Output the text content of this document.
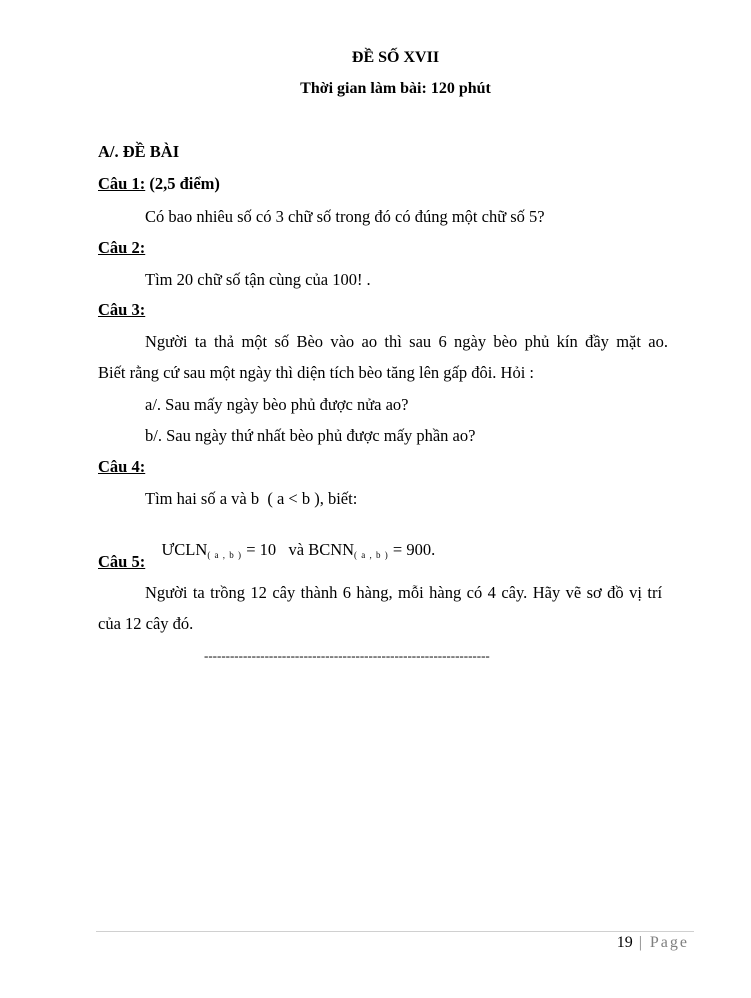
ĐỀ SỐ XVII
Thời gian làm bài: 120 phút
A/. ĐỀ BÀI
Câu 1: (2,5 điểm)
Có bao nhiêu số có 3 chữ số trong đó có đúng một chữ số 5?
Câu 2:
Tìm 20 chữ số tận cùng của 100! .
Câu 3:
Người ta thả một số Bèo vào ao thì sau 6 ngày bèo phủ kín đầy mặt ao.
Biết rằng cứ sau một ngày thì diện tích bèo tăng lên gấp đôi. Hỏi :
a/. Sau mấy ngày bèo phủ được nửa ao?
b/. Sau ngày thứ nhất bèo phủ được mấy phần ao?
Câu 4:
Tìm hai số a và b  ( a < b ), biết:

$ƯCLN_{( a , b )} = 10$   và $BCNN_{( a , b )} = 900$.

Câu 5:
Người ta trồng 12 cây thành 6 hàng, mỗi hàng có 4 cây. Hãy vẽ sơ đồ vị trí
của 12 cây đó.
------------------------------------------------------------------
19 | Page
